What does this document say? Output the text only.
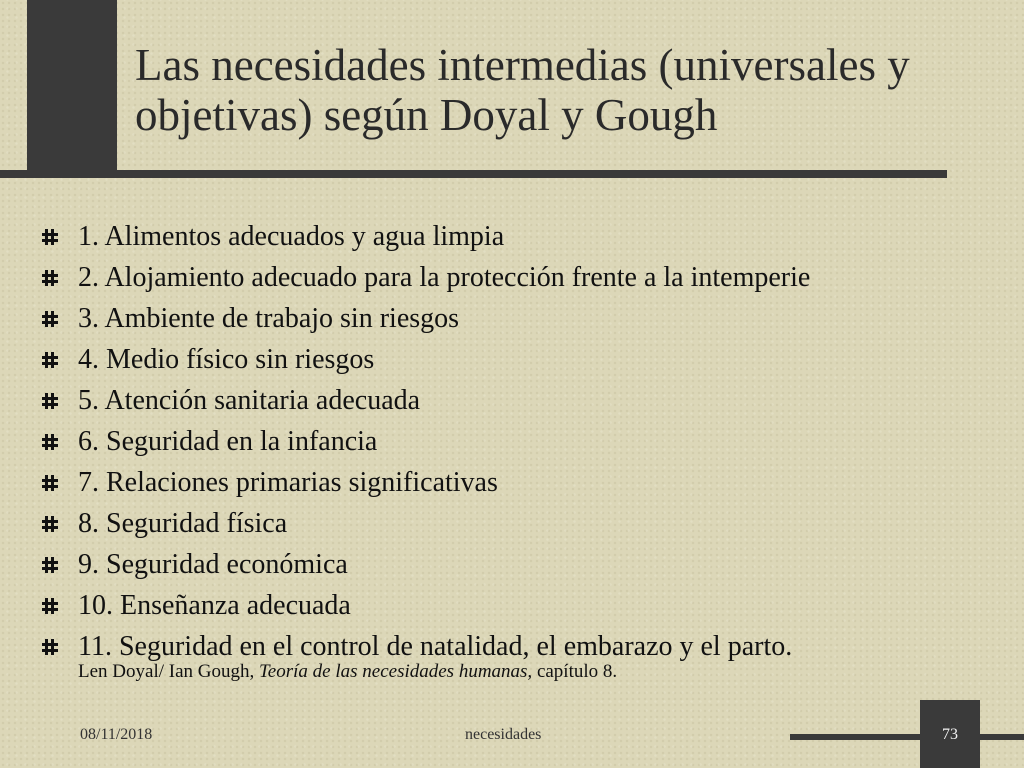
Las necesidades intermedias (universales y objetivas) según Doyal y Gough
1. Alimentos adecuados y agua limpia
2. Alojamiento adecuado para la protección frente a la intemperie
3. Ambiente de trabajo sin riesgos
4. Medio físico sin riesgos
5. Atención sanitaria adecuada
6. Seguridad en la infancia
7. Relaciones primarias significativas
8. Seguridad física
9. Seguridad económica
10. Enseñanza adecuada
11. Seguridad en el control de natalidad, el embarazo y el parto.
Len Doyal/ Ian Gough, Teoría de las necesidades humanas, capítulo 8.
08/11/2018	necesidades	73
